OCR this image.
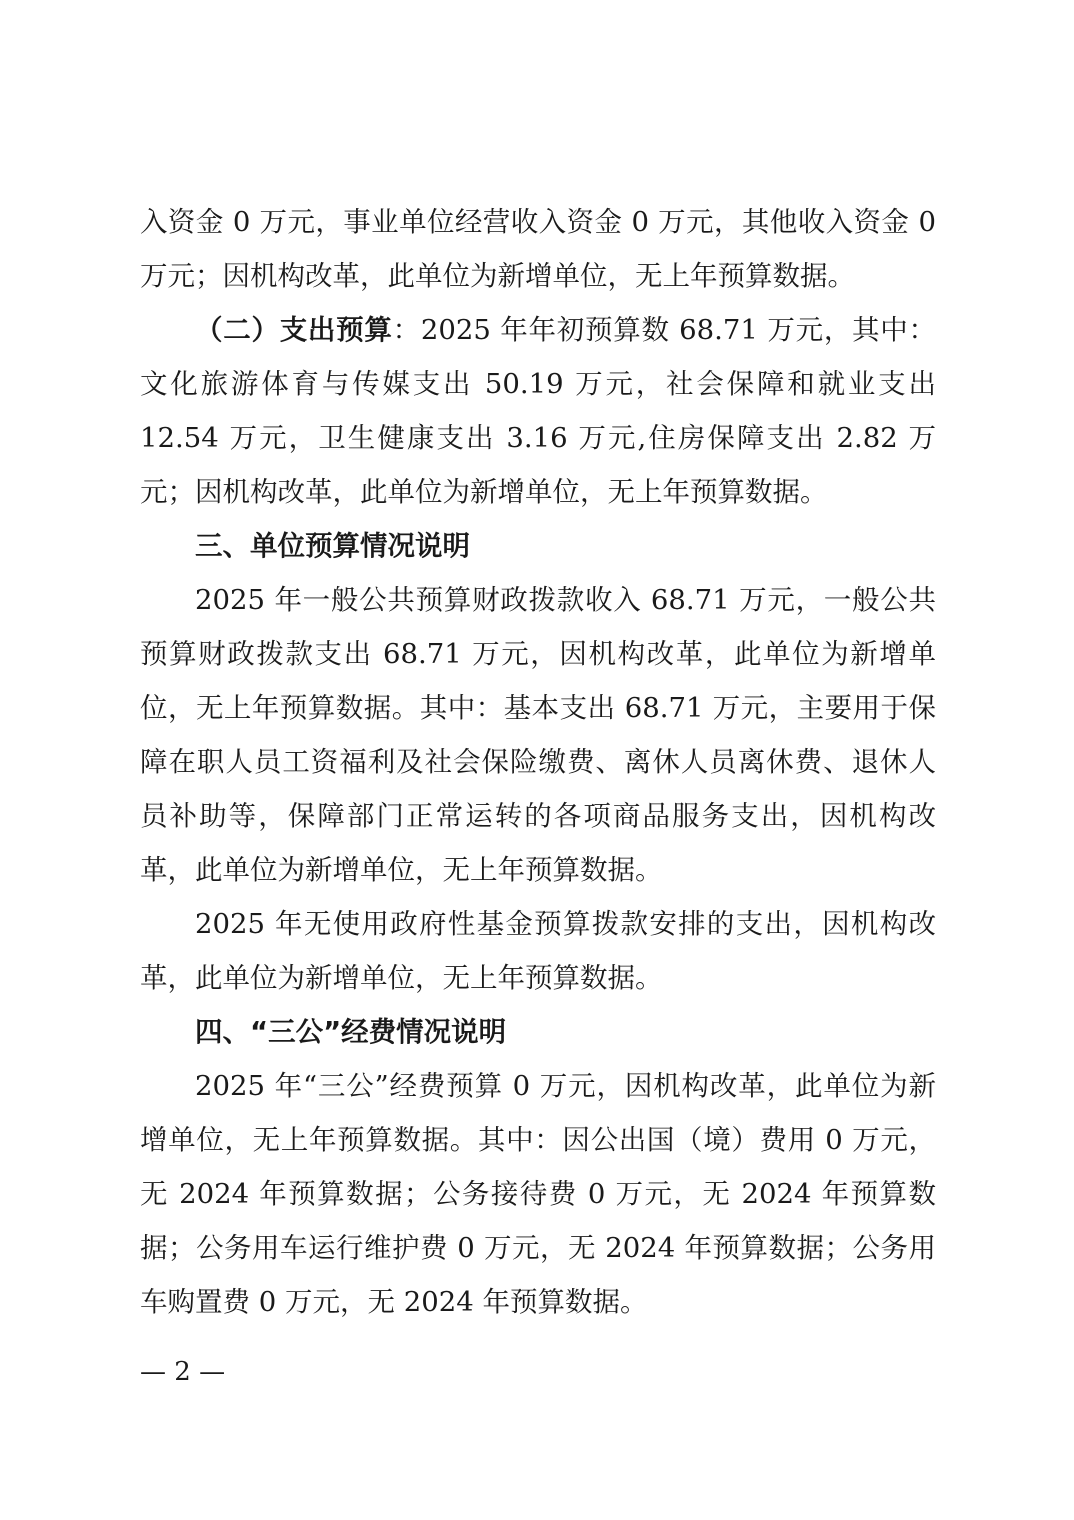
入资金 0 万元，事业单位经营收入资金 0 万元，其他收入资金 0 万元；因机构改革，此单位为新增单位，无上年预算数据。

（二）支出预算：2025 年年初预算数 68.71 万元，其中：文化旅游体育与传媒支出 50.19 万元，社会保障和就业支出 12.54 万元，卫生健康支出 3.16 万元,住房保障支出 2.82 万元；因机构改革，此单位为新增单位，无上年预算数据。

三、单位预算情况说明

2025 年一般公共预算财政拨款收入 68.71 万元，一般公共预算财政拨款支出 68.71 万元，因机构改革，此单位为新增单位，无上年预算数据。其中：基本支出 68.71 万元，主要用于保障在职人员工资福利及社会保险缴费、离休人员离休费、退休人员补助等，保障部门正常运转的各项商品服务支出，因机构改革，此单位为新增单位，无上年预算数据。

2025 年无使用政府性基金预算拨款安排的支出，因机构改革，此单位为新增单位，无上年预算数据。

四、“三公”经费情况说明

2025 年“三公”经费预算 0 万元，因机构改革，此单位为新增单位，无上年预算数据。其中：因公出国（境）费用 0 万元，无 2024 年预算数据；公务接待费 0 万元，无 2024 年预算数据；公务用车运行维护费 0 万元，无 2024 年预算数据；公务用车购置费 0 万元，无 2024 年预算数据。

— 2 —
